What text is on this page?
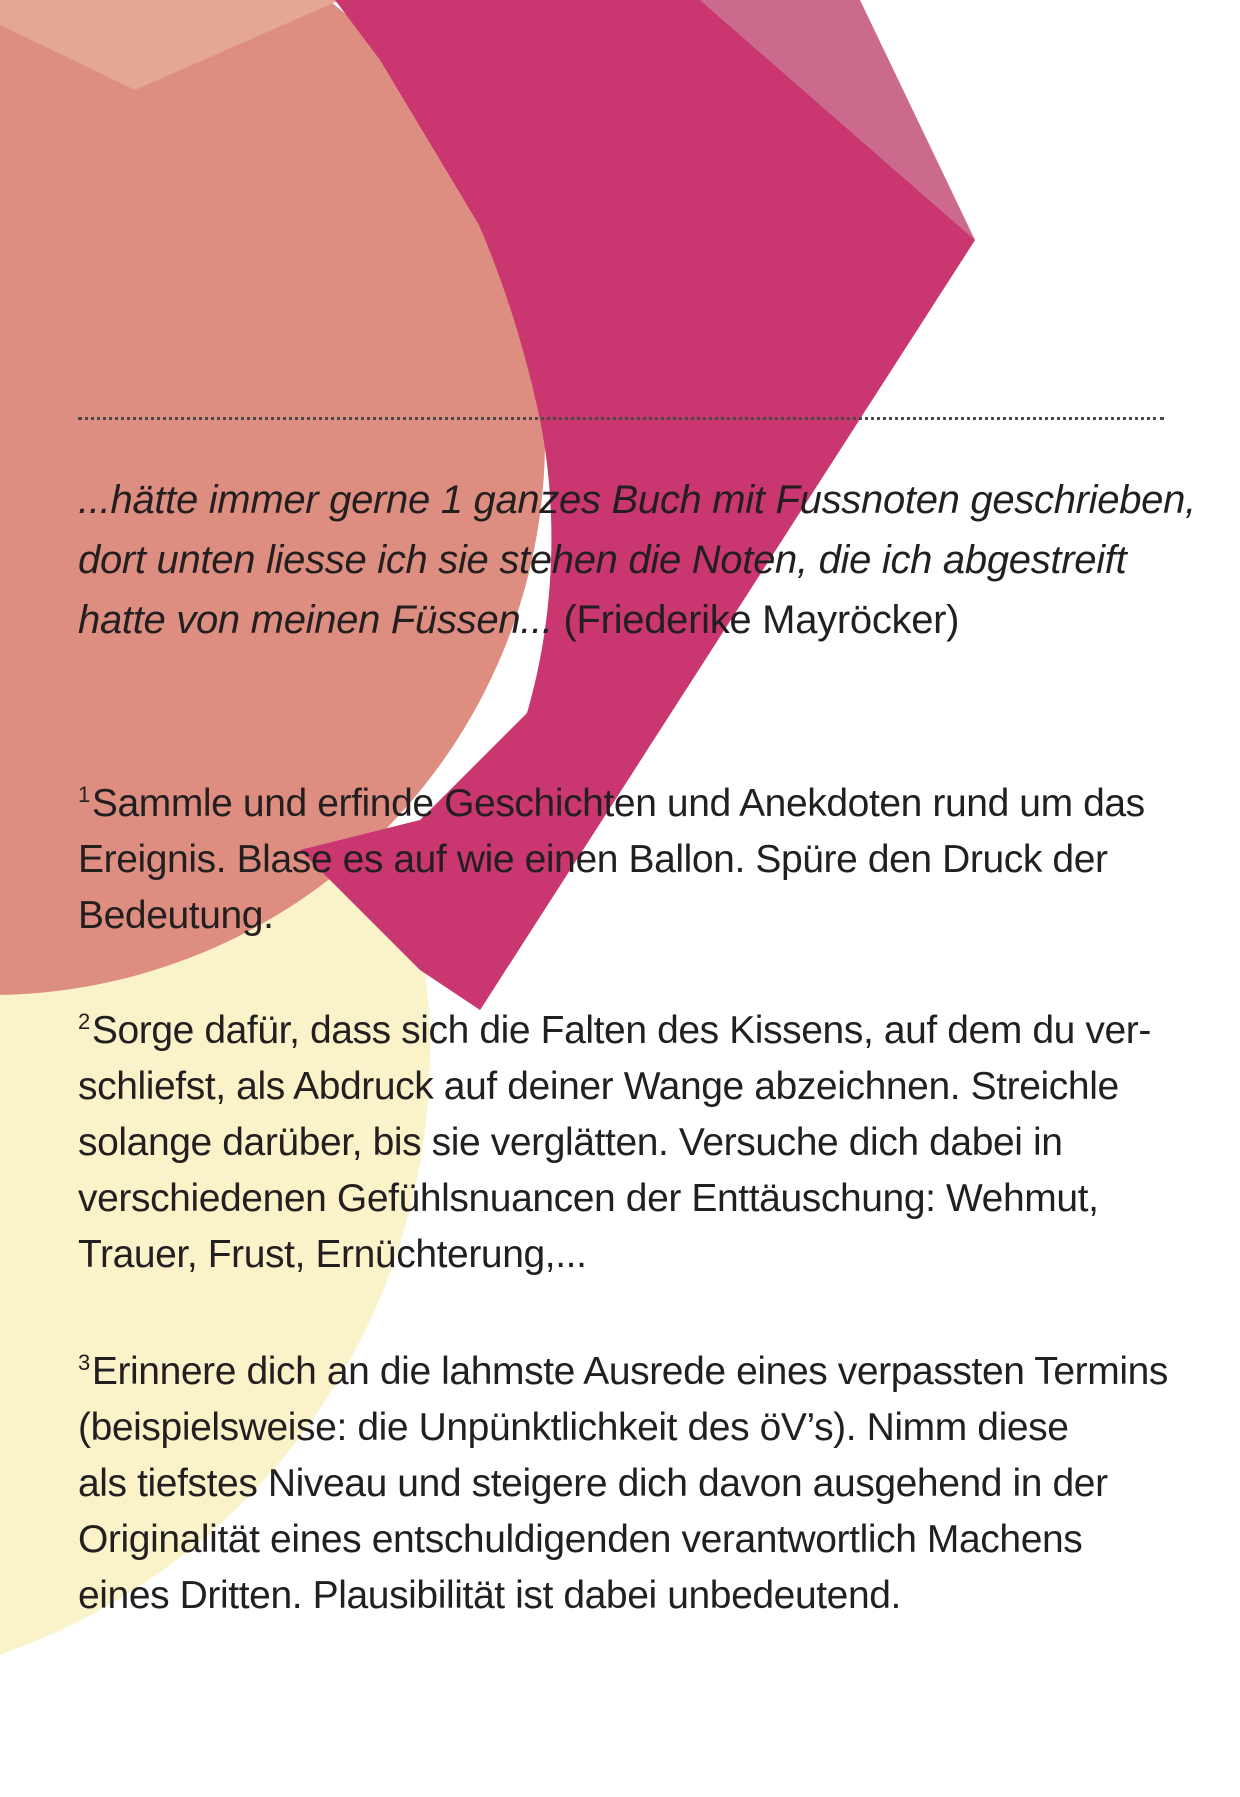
...hätte immer gerne 1 ganzes Buch mit Fussnoten geschrieben,
dort unten liesse ich sie stehen die Noten, die ich abgestreift
hatte von meinen Füssen... (Friederike Mayröcker)

$^1$Sammle und erfinde Geschichten und Anekdoten rund um das
Ereignis. Blase es auf wie einen Ballon. Spüre den Druck der
Bedeutung.

$^2$Sorge dafür, dass sich die Falten des Kissens, auf dem du ver-
schliefst, als Abdruck auf deiner Wange abzeichnen. Streichle
solange darüber, bis sie verglätten. Versuche dich dabei in
verschiedenen Gefühlsnuancen der Enttäuschung: Wehmut,
Trauer, Frust, Ernüchterung,...

$^3$Erinnere dich an die lahmste Ausrede eines verpassten Termins
(beispielsweise: die Unpünktlichkeit des öV’s). Nimm diese
als tiefstes Niveau und steigere dich davon ausgehend in der
Originalität eines entschuldigenden verantwortlich Machens
eines Dritten. Plausibilität ist dabei unbedeutend.
